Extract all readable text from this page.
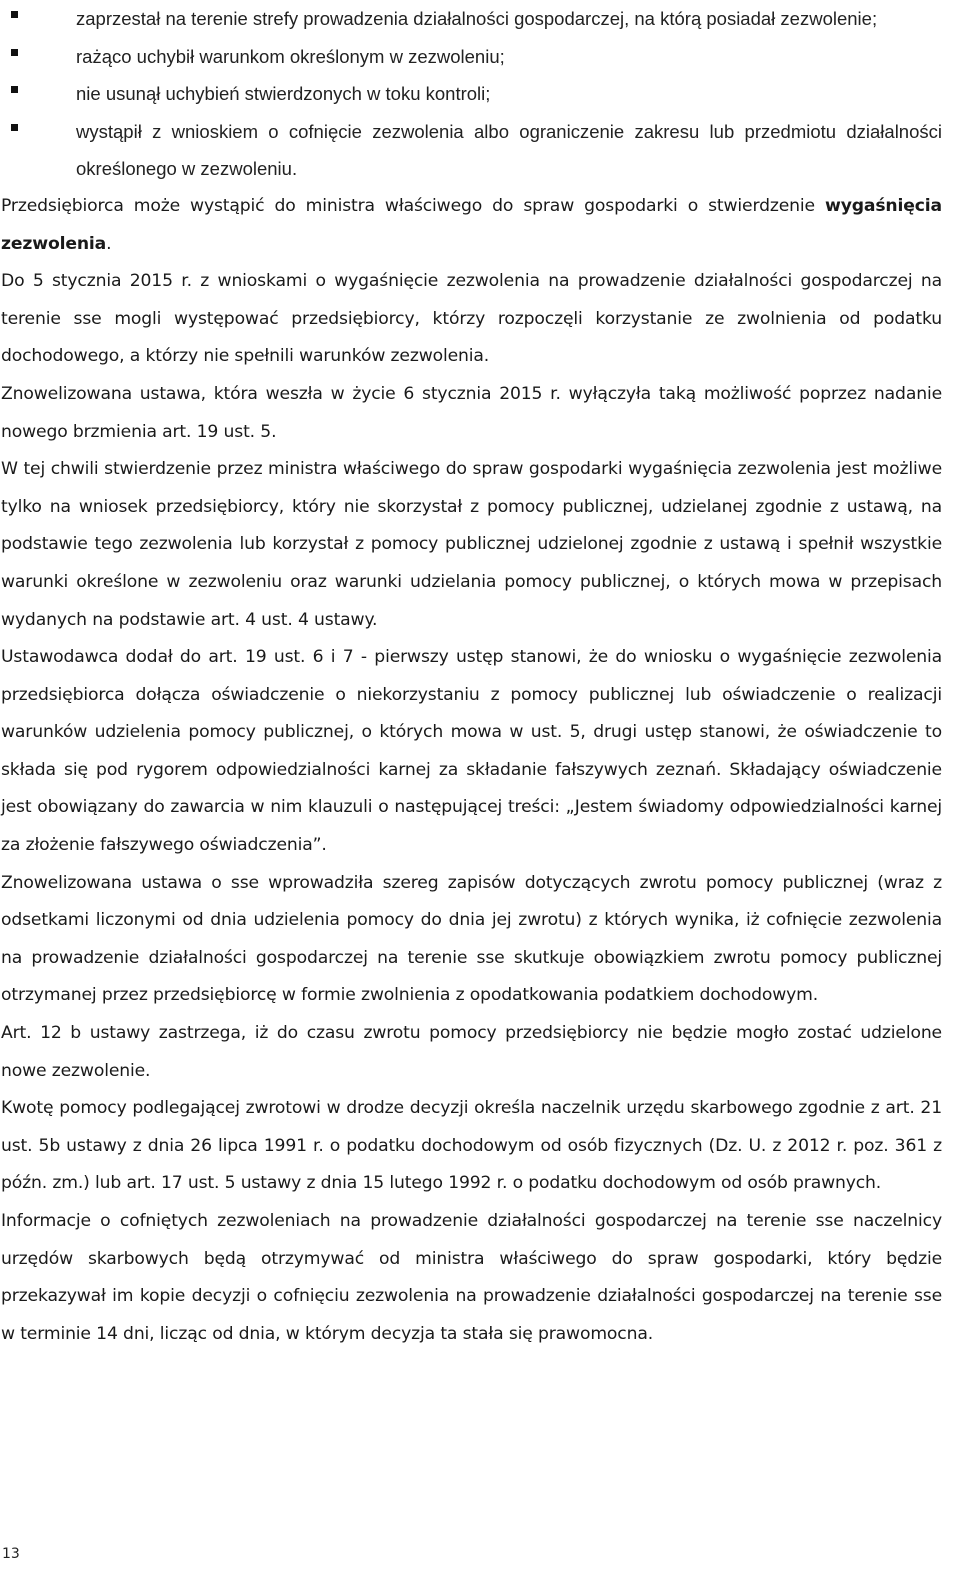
zaprzestał na terenie strefy prowadzenia działalności gospodarczej, na którą posiadał zezwolenie;
rażąco uchybił warunkom określonym w zezwoleniu;
nie usunął uchybień stwierdzonych w toku kontroli;
wystąpił z wnioskiem o cofnięcie zezwolenia albo ograniczenie zakresu lub przedmiotu działalności określonego w zezwoleniu.

Przedsiębiorca może wystąpić do ministra właściwego do spraw gospodarki o stwierdzenie wygaśnięcia zezwolenia.

Do 5 stycznia 2015 r. z wnioskami o wygaśnięcie zezwolenia na prowadzenie działalności gospodarczej na terenie sse mogli występować przedsiębiorcy, którzy rozpoczęli korzystanie ze zwolnienia od podatku dochodowego, a którzy nie spełnili warunków zezwolenia.

Znowelizowana ustawa, która weszła w życie 6 stycznia 2015 r. wyłączyła taką możliwość poprzez nadanie nowego brzmienia art. 19 ust. 5.

W tej chwili stwierdzenie przez ministra właściwego do spraw gospodarki wygaśnięcia zezwolenia jest możliwe tylko na wniosek przedsiębiorcy, który nie skorzystał z pomocy publicznej, udzielanej zgodnie z ustawą, na podstawie tego zezwolenia lub korzystał z pomocy publicznej udzielonej zgodnie z ustawą i spełnił wszystkie warunki określone w zezwoleniu oraz warunki udzielania pomocy publicznej, o których mowa w przepisach wydanych na podstawie art. 4 ust. 4 ustawy.

Ustawodawca dodał do art. 19 ust. 6 i 7 - pierwszy ustęp stanowi, że do wniosku o wygaśnięcie zezwolenia przedsiębiorca dołącza oświadczenie o niekorzystaniu z pomocy publicznej lub oświadczenie o realizacji warunków udzielenia pomocy publicznej, o których mowa w ust. 5, drugi ustęp stanowi, że oświadczenie to składa się pod rygorem odpowiedzialności karnej za składanie fałszywych zeznań. Składający oświadczenie jest obowiązany do zawarcia w nim klauzuli o następującej treści: „Jestem świadomy odpowiedzialności karnej za złożenie fałszywego oświadczenia”.

Znowelizowana ustawa o sse wprowadziła szereg zapisów dotyczących zwrotu pomocy publicznej (wraz z odsetkami liczonymi od dnia udzielenia pomocy do dnia jej zwrotu) z których wynika, iż cofnięcie zezwolenia na prowadzenie działalności gospodarczej na terenie sse skutkuje obowiązkiem zwrotu pomocy publicznej otrzymanej przez przedsiębiorcę w formie zwolnienia z opodatkowania podatkiem dochodowym.

Art. 12 b ustawy zastrzega, iż do czasu zwrotu pomocy przedsiębiorcy nie będzie mogło zostać udzielone nowe zezwolenie.

Kwotę pomocy podlegającej zwrotowi w drodze decyzji określa naczelnik urzędu skarbowego zgodnie z art. 21 ust. 5b ustawy z dnia 26 lipca 1991 r. o podatku dochodowym od osób fizycznych (Dz. U. z 2012 r. poz. 361 z późn. zm.) lub art. 17 ust. 5 ustawy z dnia 15 lutego 1992 r. o podatku dochodowym od osób prawnych.

Informacje o cofniętych zezwoleniach na prowadzenie działalności gospodarczej na terenie sse naczelnicy urzędów skarbowych będą otrzymywać od ministra właściwego do spraw gospodarki, który będzie przekazywał im kopie decyzji o cofnięciu zezwolenia na prowadzenie działalności gospodarczej na terenie sse w terminie 14 dni, licząc od dnia, w którym decyzja ta stała się prawomocna.

13
